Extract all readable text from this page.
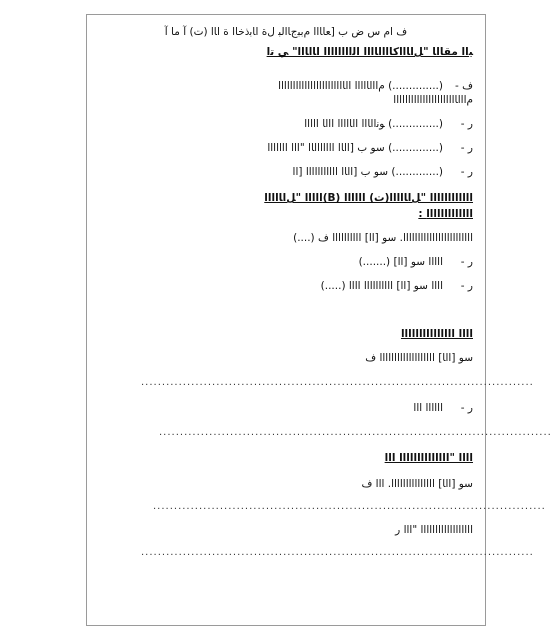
ﻑ ﺍﻡ ﺱ ﺽ ﺏ [ﻌﺎﺎﺍﺍ ﻡﺑﺒﺝﺎﺍﻟﺒ ﻝﺓ ﺍﺎﺑﺫﺧﺎﺍ ﺓ ﺍﺎﺍ (ﺕ) ﺁ ﻣﺎ ﺁ
ﻴﺍﺍ ﻣﻘﺎﺍﺎ "ﻞﺍﺎﺍﺍﻛﺎﺍﺍﺍﺎﺍﺍﺍ ﺍﻟﺍﺍﺍﺍﺍﺍﺍﺍ ﺍﺎﺍﺎﺍﺍ" ﻲ ﺗﺍ
ﻡﺍﺍﺍﺎﺍﺍﺍﺍ ﺍﺍﺎﺍﺍﺍﺍﺍﺍﺍﺍﺍﺍﺍﺍﺍﺍﺍﺍﺍﺍﺍﺍﺍﺍ (..............) - ﻑ
ﻡﺍﺍﺍﺎﺍﺍﺍﺍﺍﺍﺍﺍﺍﺍﺍﺍﺍﺍﺍﺍﺍﺍﺍﺍﺍ
ﻮﻧﺍﺍﺎﺍﺍ ﺍﺍﺎﺍﺍﺍﺍ ﺍﺍﺍﺎ ﺍﺍﺍﺍﺍ (..............) - ﺭ
ﺳﻮ ﺏ [ﺍﺍﺎﺍ ﺍﺍﺍﺍﺍﺍﺍﺎﺍ "ﺍﺍﺍ ﺍﺍﺍﺍﺍﺍﺍ (..............) - ﺭ
ﺳﻮ ﺏ [ﺍﺍﺎﺍ ﺍﺍﺍﺍﺍﺍﺍﺍﺍﺍﺍ [ﺍﺍ (.............) - ﺭ
ﺍﺍﺍﺍﺍ "ﻞﺍﺎﺍﺍﺍﺍ(B) ﺍﺍﺍﺍﺍﺍﺍﺍﺍﺍﺍﺍ "ﻞﺍﺎﺍﺍﺍﺍ(ﺕ) ﺍﺍﺍﺍﺍﺍ
: ﺍﺍﺍﺍﺍﺍﺍﺍﺍﺍﺍﺍﺍ
(....) ﺍﺍﺍﺍﺍﺍﺍﺍﺍﺍﺍﺍﺍﺍﺍﺍﺍﺍﺍﺍﺍﺍﺍﺍ. ﺳﻮ [ﺍﺍ] ﺍﺍﺍﺍﺍﺍﺍﺍﺍﺍ ﻑ
(.......) ﺍﺍﺍﺍﺍ ﺳﻮ [ﺍﺍ] - ﺭ
(.....) ﺍﺍﺍﺍ ﺳﻮ [ﺍﺍ] ﺍﺍﺍﺍﺍﺍﺍﺍﺍﺍ ﺍﺍﺍﺍ - ﺭ
ﺍﺍﺍﺍ ﺍﺍﺍﺍﺍﺍﺍﺍﺍﺍﺍﺍﺍﺍﺍ
ﺳﻮ [ﺍﺍﺎ] ﺍﺍﺍﺍﺍﺍﺍﺍﺍﺍﺍﺍﺍﺍﺍﺍﺍﺍﺍ ﻑ
..............................................................................................
ﺍﺍﺍﺍﺍﺍ ﺍﺍﺍ - ﺭ
..............................................................................................
ﺍﺍﺍﺍ "ﺍﺍﺍﺍﺍﺍﺍﺍﺍﺍﺍﺍﺍﺍ ﺍﺍﺍ
ﺳﻮ [ﺍﺍﺎ] ﺍﺍﺍﺍﺍﺍﺍﺍﺍﺍﺍﺍﺍﺍﺍ. ﺍﺍﺍ ﻑ
..............................................................................................
ﺍﺍﺍﺍﺍﺍﺍﺍﺍﺍﺍﺍﺍﺍﺍﺍﺍﺍ "ﺍﺍﺍ ﺭ
..............................................................................................
